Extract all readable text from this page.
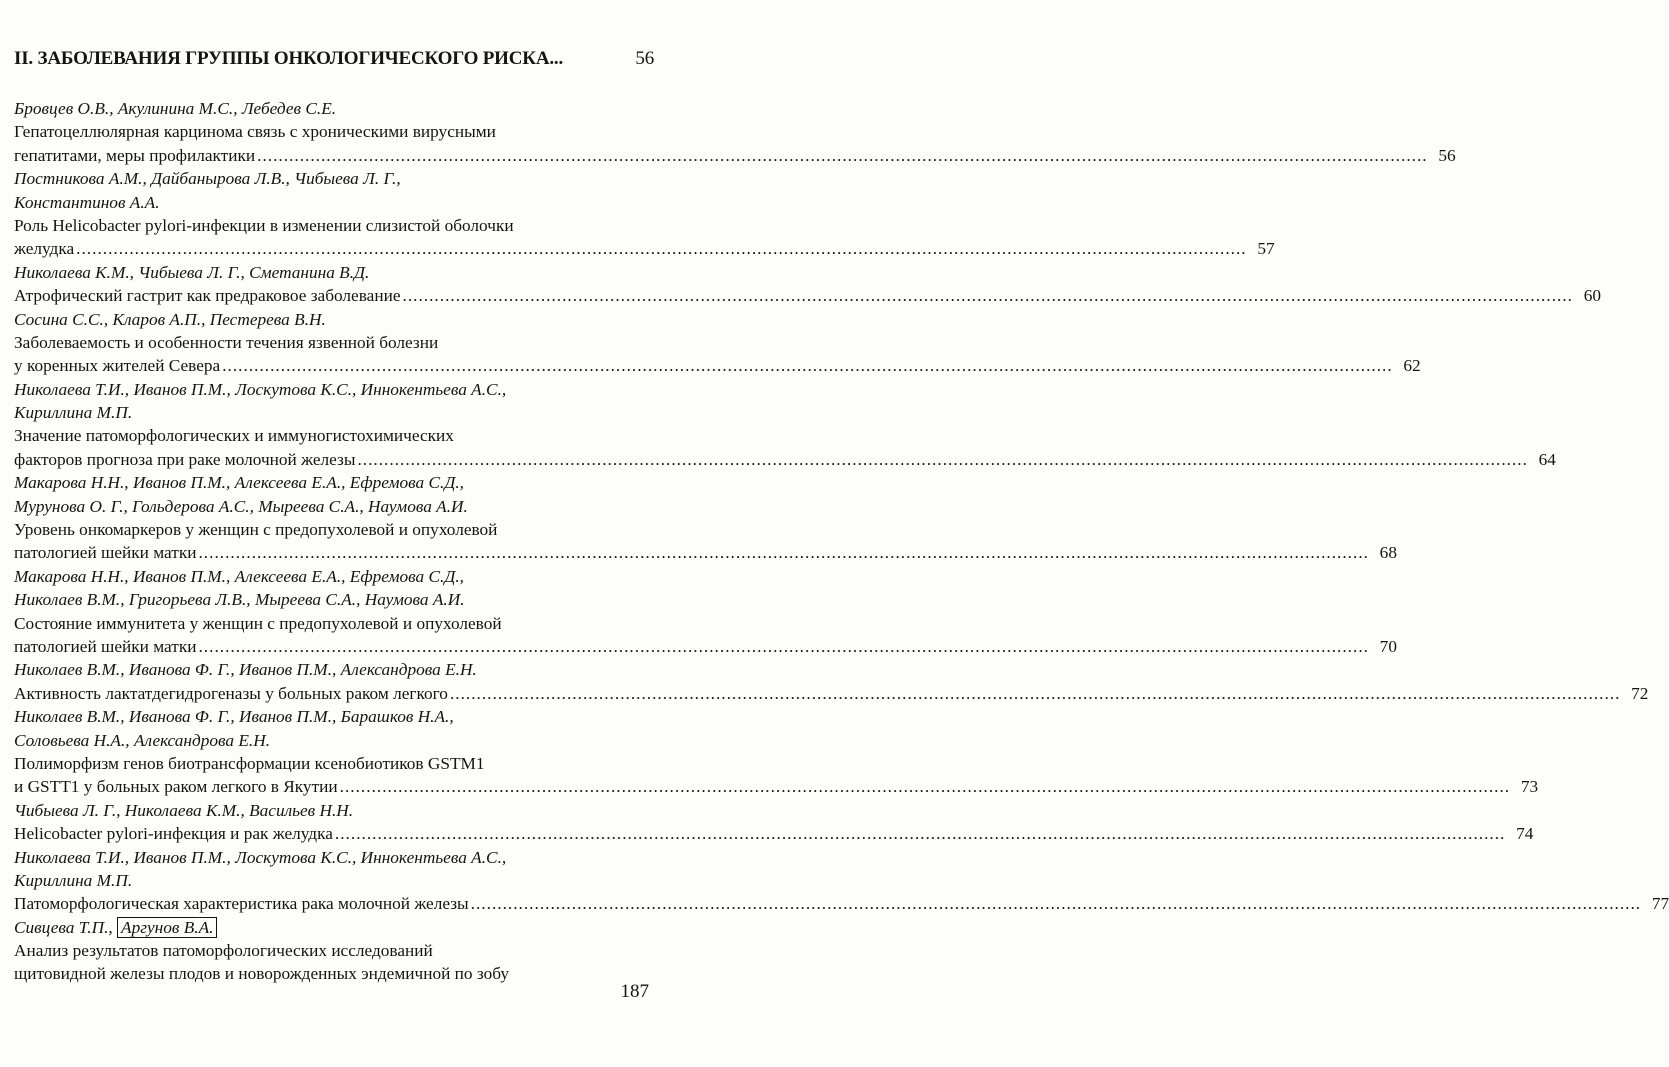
II. ЗАБОЛЕВАНИЯ ГРУППЫ ОНКОЛОГИЧЕСКОГО РИСКА...	56
Бровцев О.В., Акулинина М.С., Лебедев С.Е.
Гепатоцеллюлярная карцинома связь с хроническими вирусными
гепатитами, меры профилактики ............................................................................................................................................................................................................................ 56
Постникова А.М., Дайбанырова Л.В., Чибыева Л. Г.,
Константинов А.А.
Роль Helicobacter pylori-инфекции в изменении слизистой оболочки
желудка ............................................................................................................................................................................................................................ 57
Николаева К.М., Чибыева Л. Г., Сметанина В.Д.
Атрофический гастрит как предраковое заболевание ............................................................................................................................................................................................................................ 60
Сосина С.С., Кларов А.П., Пестерева В.Н.
Заболеваемость и особенности течения язвенной болезни
у коренных жителей Севера ............................................................................................................................................................................................................................ 62
Николаева Т.И., Иванов П.М., Лоскутова К.С., Иннокентьева А.С.,
Кириллина М.П.
Значение патоморфологических и иммуногистохимических
факторов прогноза при раке молочной железы ............................................................................................................................................................................................................................ 64
Макарова Н.Н., Иванов П.М., Алексеева Е.А., Ефремова С.Д.,
Мурунова О. Г., Гольдерова А.С., Мыреева С.А., Наумова А.И.
Уровень онкомаркеров у женщин с предопухолевой и опухолевой
патологией шейки матки ............................................................................................................................................................................................................................ 68
Макарова Н.Н., Иванов П.М., Алексеева Е.А., Ефремова С.Д.,
Николаев В.М., Григорьева Л.В., Мыреева С.А., Наумова А.И.
Состояние иммунитета у женщин с предопухолевой и опухолевой
патологией шейки матки ............................................................................................................................................................................................................................ 70
Николаев В.М., Иванова Ф. Г., Иванов П.М., Александрова Е.Н.
Активность лактатдегидрогеназы у больных раком легкого ............................................................................................................................................................................................................................ 72
Николаев В.М., Иванова Ф. Г., Иванов П.М., Барашков Н.А.,
Соловьева Н.А., Александрова Е.Н.
Полиморфизм генов биотрансформации ксенобиотиков GSTM1
и GSTT1 у больных раком легкого в Якутии ............................................................................................................................................................................................................................ 73
Чибыева Л. Г., Николаева К.М., Васильев Н.Н.
Helicobacter pylori-инфекция и рак желудка ............................................................................................................................................................................................................................ 74
Николаева Т.И., Иванов П.М., Лоскутова К.С., Иннокентьева А.С.,
Кириллина М.П.
Патоморфологическая характеристика рака молочной железы ............................................................................................................................................................................................................................ 77
Сивцева Т.П., Аргунов В.А.
Анализ результатов патоморфологических исследований
щитовидной железы плодов и новорожденных эндемичной по зобу
187
